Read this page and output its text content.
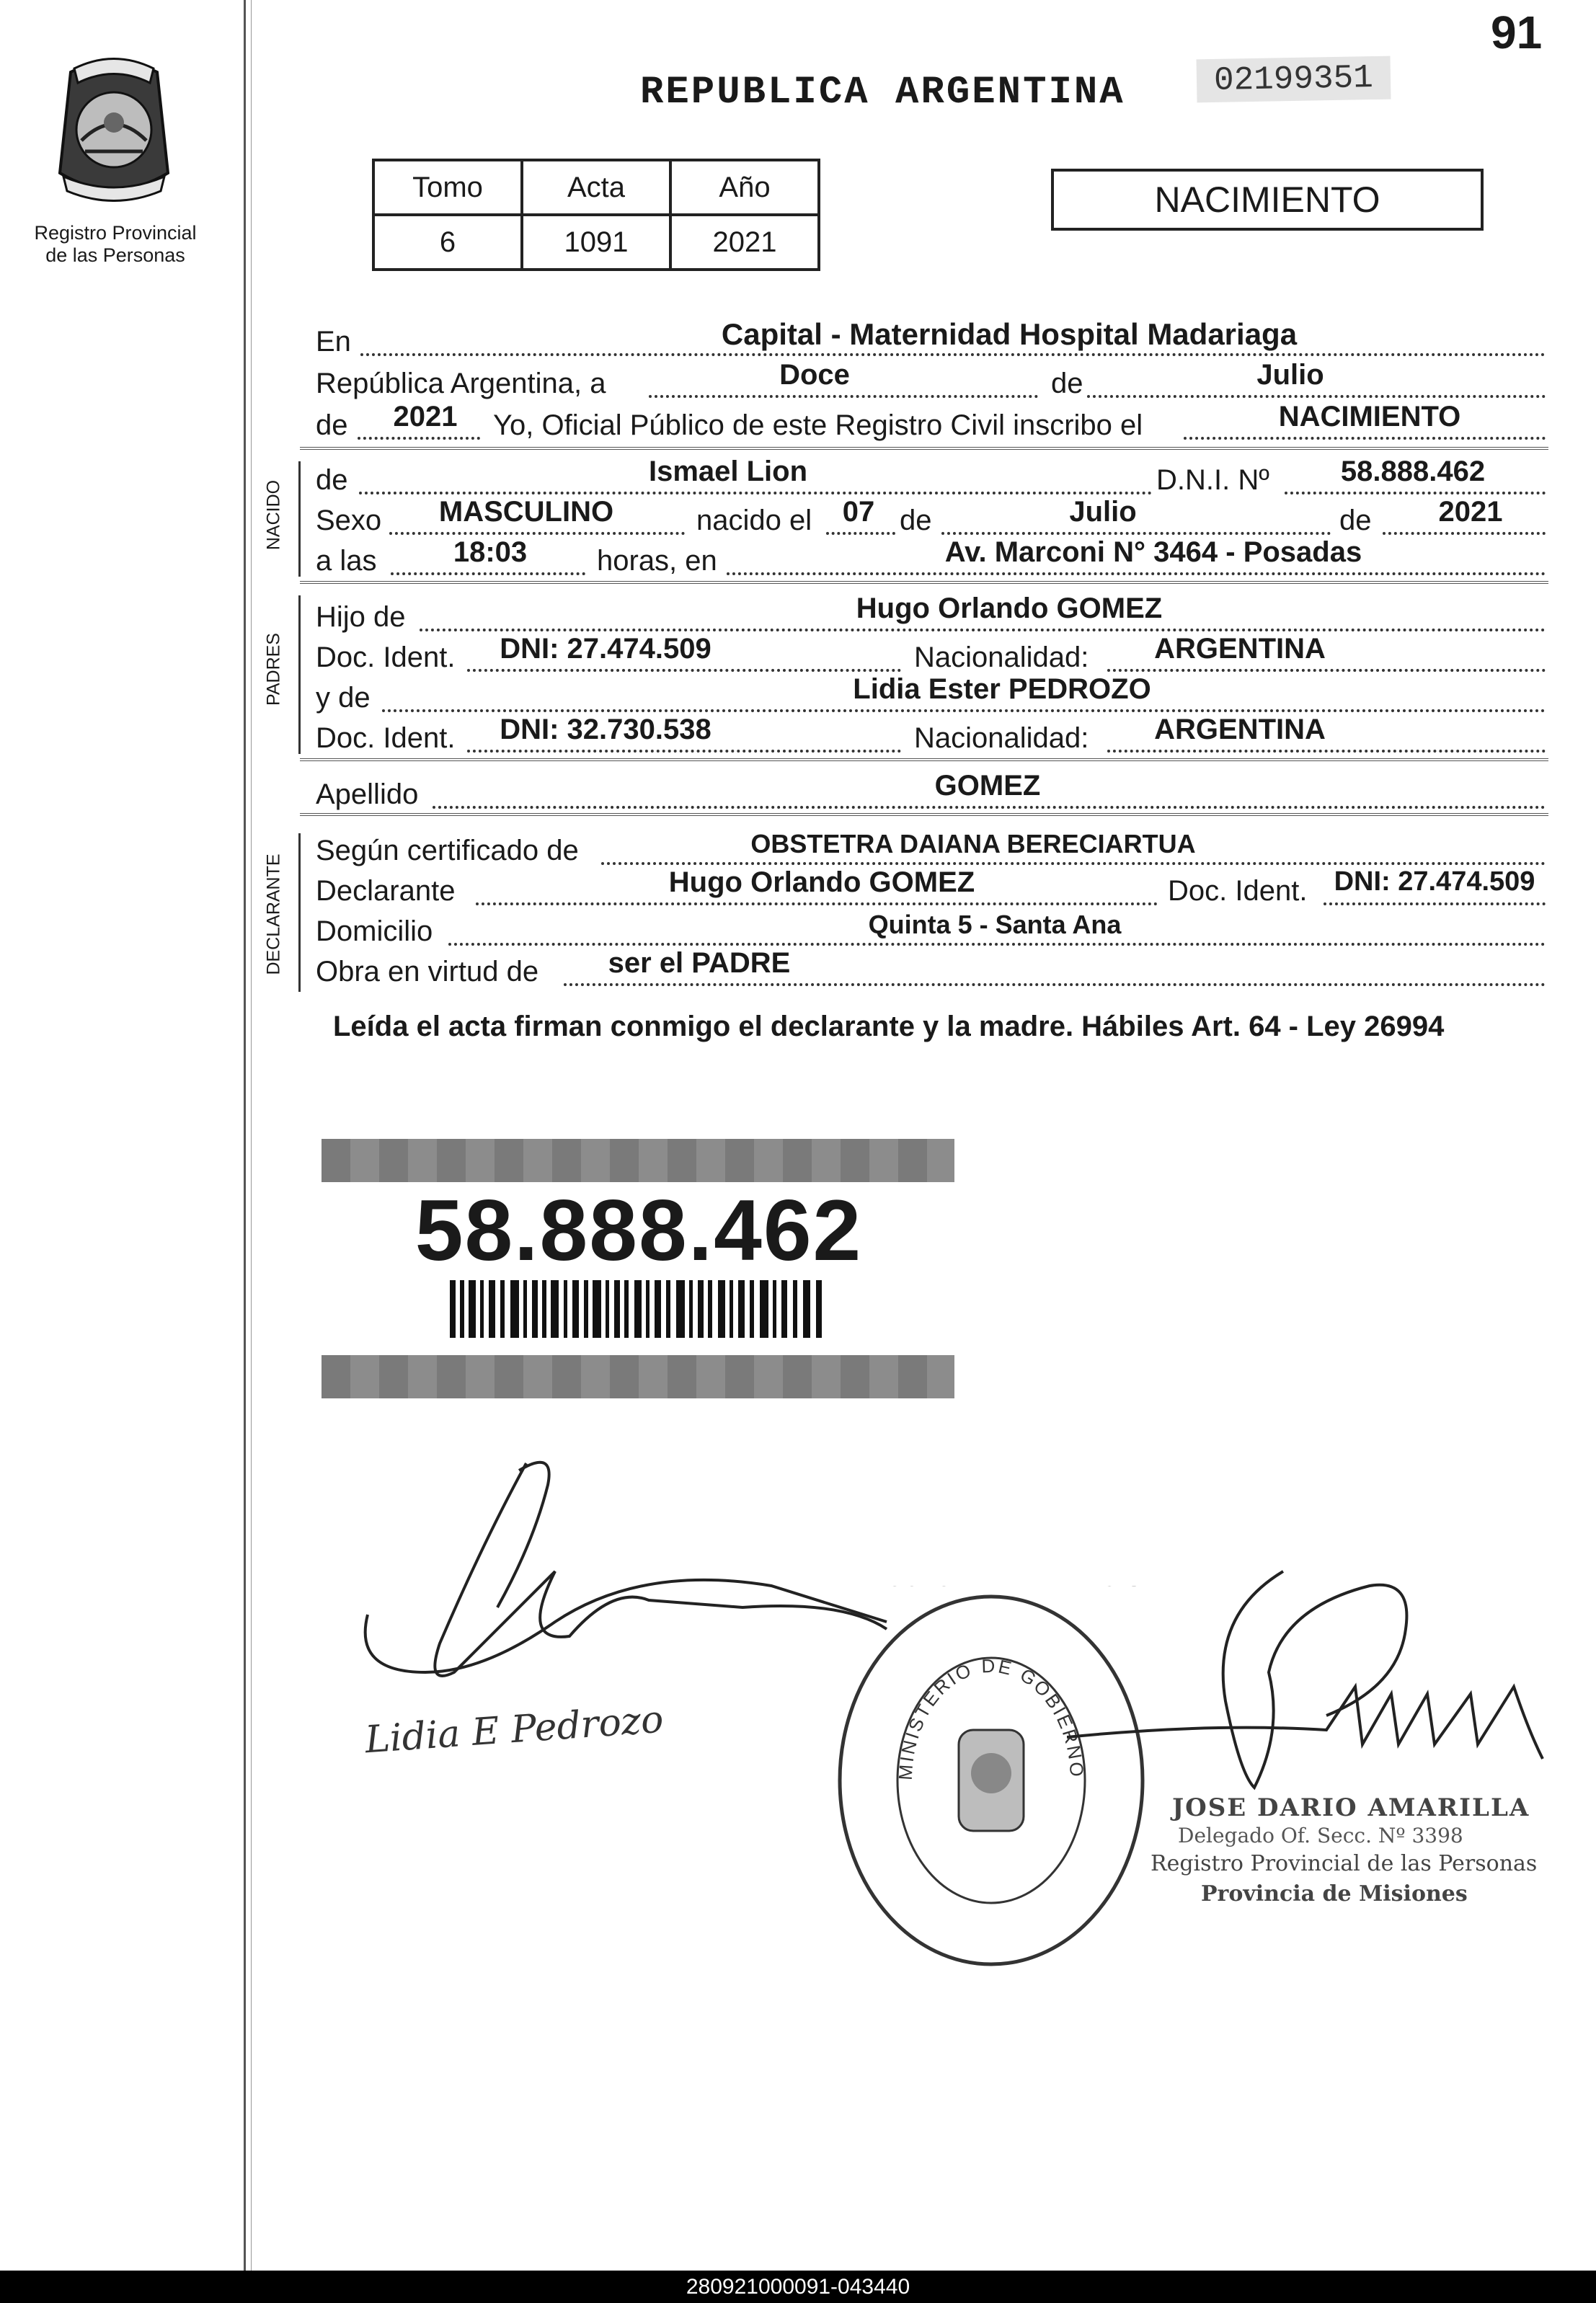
91
Registro Provincial
de las Personas
REPUBLICA ARGENTINA	02199351
Tomo	Acta	Año
6	1091	2021
NACIMIENTO
En	Capital - Maternidad Hospital Madariaga
República Argentina, a	Doce	de	Julio
de	2021	Yo, Oficial Público de este Registro Civil inscribo el	NACIMIENTO
NACIDO de	Ismael Lion	D.N.I. Nº	58.888.462
Sexo	MASCULINO	nacido el	07 de	Julio	de	2021
a las	18:03	horas, en	Av. Marconi N° 3464 - Posadas
PADRES
Hijo de	Hugo Orlando GOMEZ
Doc. Ident.	DNI: 27.474.509	Nacionalidad:	ARGENTINA
y de	Lidia Ester PEDROZO
Doc. Ident.	DNI: 32.730.538	Nacionalidad:	ARGENTINA
Apellido	GOMEZ
DECLARANTE
Según certificado de	OBSTETRA DAIANA BERECIARTUA
Declarante	Hugo Orlando GOMEZ	Doc. Ident. DNI: 27.474.509
Domicilio	Quinta 5 - Santa Ana
Obra en virtud de	ser el PADRE
Leída el acta firman conmigo el declarante y la madre. Hábiles Art. 64 - Ley 26994
58.888.462
Lidia E Pedrozo
MINISTERIO DE GOBIERNO
JOSE DARIO AMARILLA
Delegado Of. Secc. Nº 3398
Registro Provincial de las Personas
Provincia de Misiones
280921000091-043440
